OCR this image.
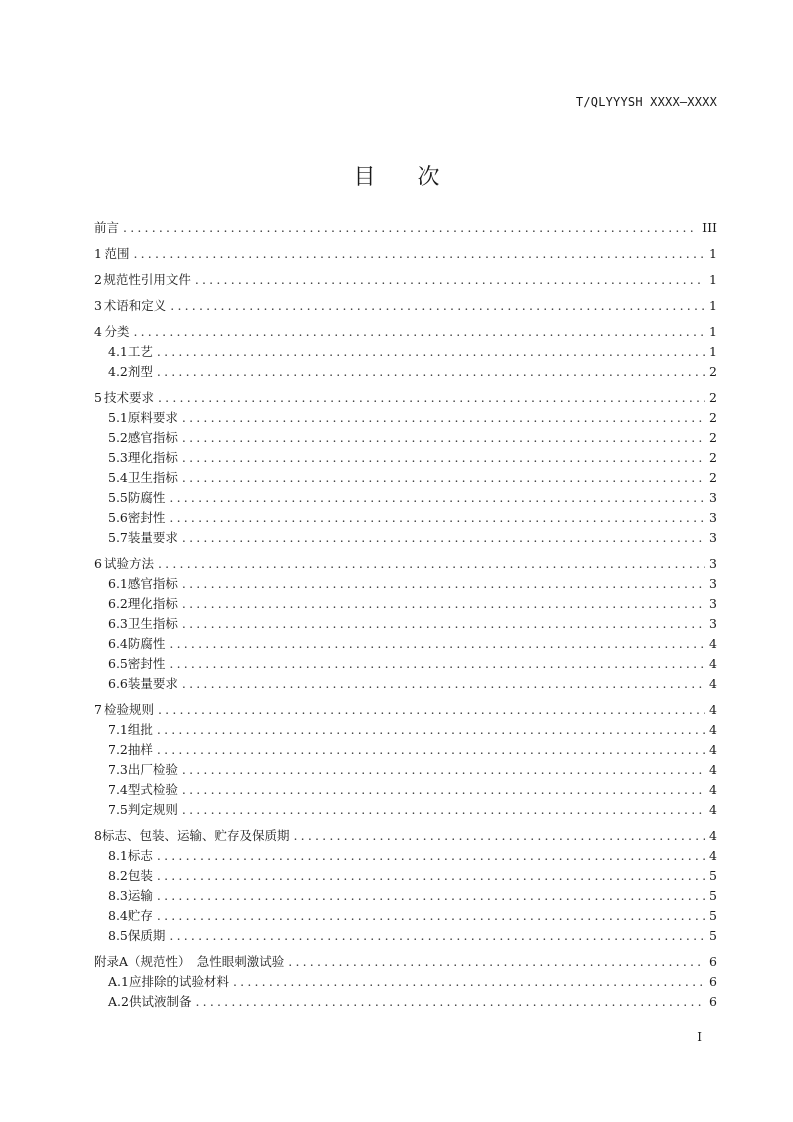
T/QLYYYSH XXXX—XXXX
目次
前言 .....	III
1 范围 .....	1
2 规范性引用文件 .....	1
3 术语和定义 .....	1
4 分类 .....	1
4.1 工艺 .....	1
4.2 剂型 .....	2
5 技术要求 .....	2
5.1 原料要求 .....	2
5.2 感官指标 .....	2
5.3 理化指标 .....	2
5.4 卫生指标 .....	2
5.5 防腐性 .....	3
5.6 密封性 .....	3
5.7 装量要求 .....	3
6 试验方法 .....	3
6.1 感官指标 .....	3
6.2 理化指标 .....	3
6.3 卫生指标 .....	3
6.4 防腐性 .....	4
6.5 密封性 .....	4
6.6 装量要求 .....	4
7 检验规则 .....	4
7.1 组批 .....	4
7.2 抽样 .....	4
7.3 出厂检验 .....	4
7.4 型式检验 .....	4
7.5 判定规则 .....	4
8 标志、包装、运输、贮存及保质期 .....	4
8.1 标志 .....	4
8.2 包装 .....	5
8.3 运输 .....	5
8.4 贮存 .....	5
8.5 保质期 .....	5
附录A（规范性）　急性眼刺激试验 .....	6
A.1 应排除的试验材料 .....	6
A.2 供试液制备 .....	6
I
